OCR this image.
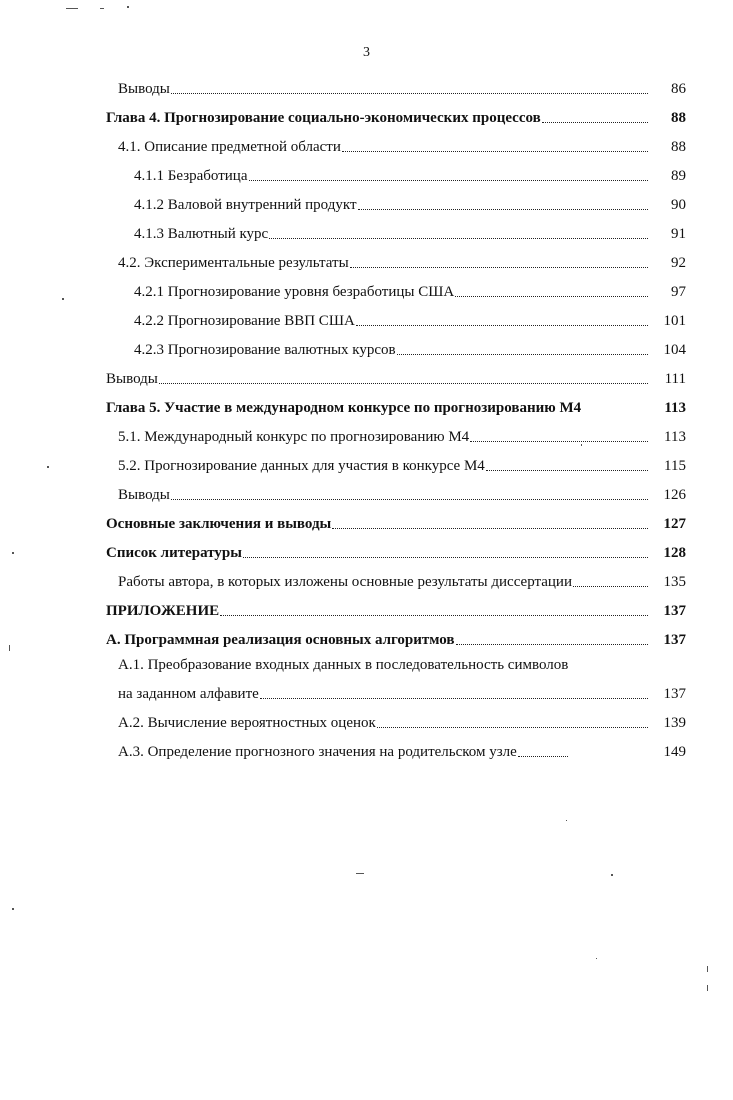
3
Выводы	86
Глава 4. Прогнозирование социально-экономических процессов	88
4.1. Описание предметной области	88
4.1.1 Безработица	89
4.1.2 Валовой внутренний продукт	90
4.1.3 Валютный курс	91
4.2. Экспериментальные результаты	92
4.2.1 Прогнозирование уровня безработицы США	97
4.2.2 Прогнозирование ВВП США	101
4.2.3 Прогнозирование валютных курсов	104
Выводы	111
Глава 5. Участие в международном конкурсе по прогнозированию М4	113
5.1. Международный конкурс по прогнозированию М4	113
5.2. Прогнозирование данных для участия в конкурсе М4	115
Выводы	126
Основные заключения и выводы	127
Список литературы	128
Работы автора, в которых изложены основные результаты диссертации	135
ПРИЛОЖЕНИЕ	137
А. Программная реализация основных алгоритмов	137
А.1. Преобразование входных данных в последовательность символов
на заданном алфавите	137
А.2. Вычисление вероятностных оценок	139
А.3. Определение прогнозного значения на родительском узле	149
